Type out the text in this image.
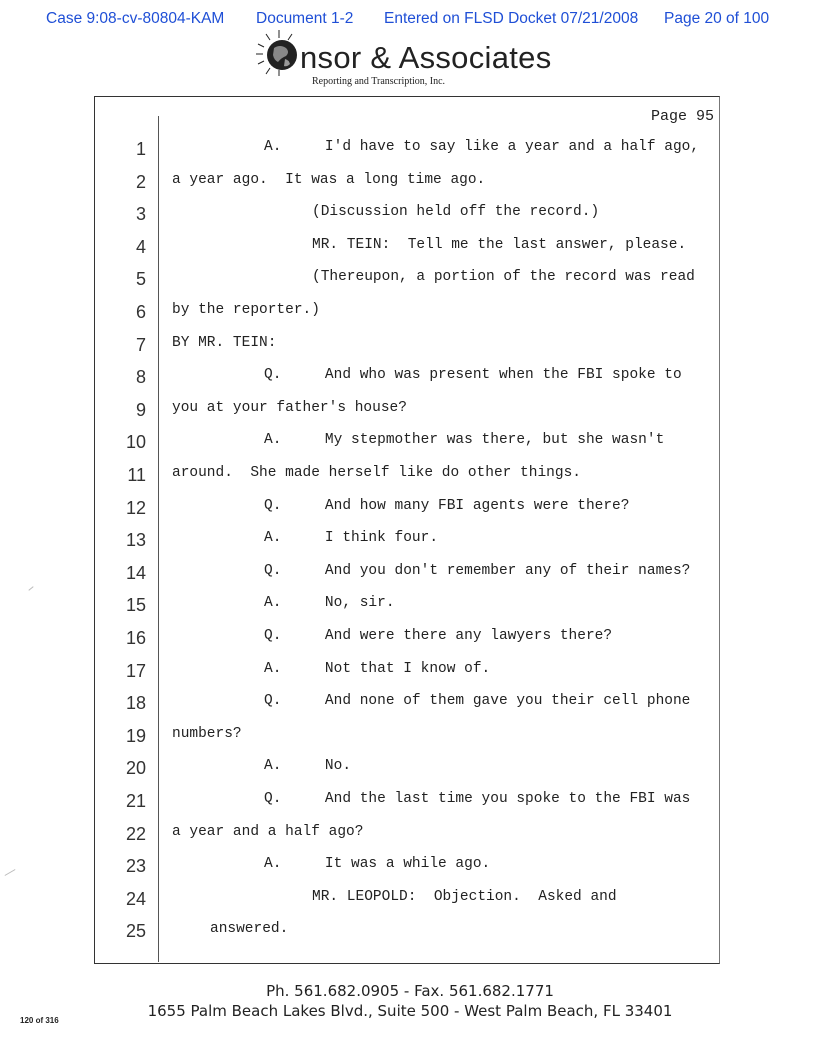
Case 9:08-cv-80804-KAM Document 1-2 Entered on FLSD Docket 07/21/2008 Page 20 of 100
nsor & Associates
Reporting and Transcription, Inc.
Page 95
1	A.     I'd have to say like a year and a half ago,
2 a year ago.  It was a long time ago.
3	(Discussion held off the record.)
4	MR. TEIN:  Tell me the last answer, please.
5	(Thereupon, a portion of the record was read
6 by the reporter.)
7 BY MR. TEIN:
8	Q.     And who was present when the FBI spoke to
9 you at your father's house?
10	A.     My stepmother was there, but she wasn't
11 around.  She made herself like do other things.
12	Q.     And how many FBI agents were there?
13	A.     I think four.
14	Q.     And you don't remember any of their names?
15	A.     No, sir.
16	Q.     And were there any lawyers there?
17	A.     Not that I know of.
18	Q.     And none of them gave you their cell phone
19 numbers?
20	A.     No.
21	Q.     And the last time you spoke to the FBI was
22 a year and a half ago?
23	A.     It was a while ago.
24	MR. LEOPOLD:  Objection.  Asked and
25	answered.
Ph. 561.682.0905 - Fax. 561.682.1771
1655 Palm Beach Lakes Blvd., Suite 500 - West Palm Beach, FL 33401
120 of 316
